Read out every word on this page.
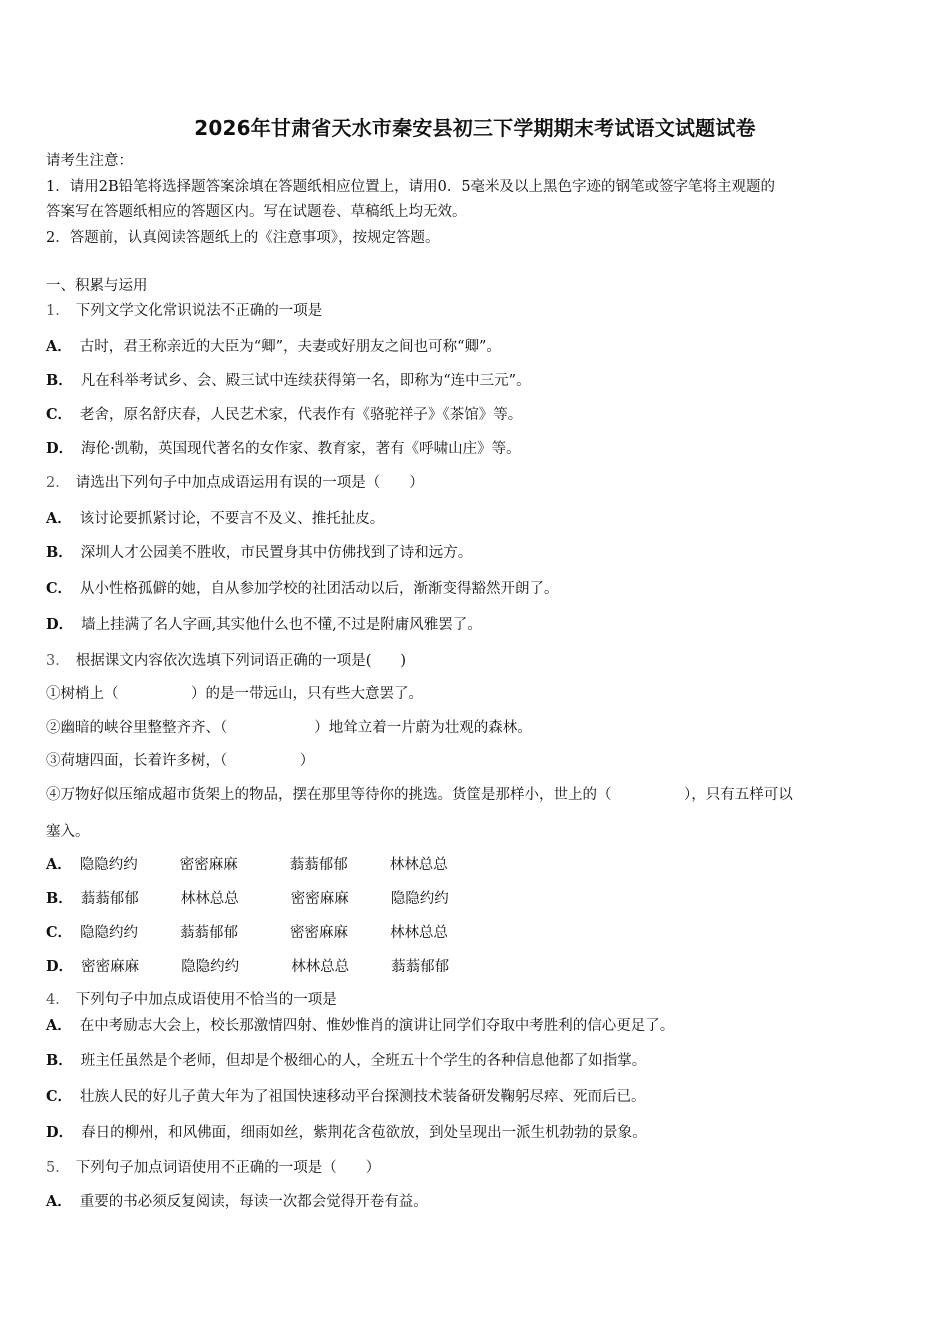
2026年甘肃省天水市秦安县初三下学期期末考试语文试题试卷
请考生注意：
1．请用2B铅笔将选择题答案涂填在答题纸相应位置上，请用0．5毫米及以上黑色字迹的钢笔或签字笔将主观题的
答案写在答题纸相应的答题区内。写在试题卷、草稿纸上均无效。
2．答题前，认真阅读答题纸上的《注意事项》，按规定答题。
一、积累与运用
1． 下列文学文化常识说法不正确的一项是
A． 古时，君王称亲近的大臣为“卿”，夫妻或好朋友之间也可称“卿”。
B． 凡在科举考试乡、会、殿三试中连续获得第一名，即称为“连中三元”。
C． 老舍，原名舒庆春，人民艺术家，代表作有《骆驼祥子》《茶馆》等。
D． 海伦·凯勒，英国现代著名的女作家、教育家，著有《呼啸山庄》等。
2． 请选出下列句子中加点成语运用有误的一项是（　　）
A． 该讨论要抓紧讨论，不要言不及义、推托扯皮。
B． 深圳人才公园美不胜收，市民置身其中仿佛找到了诗和远方。
C． 从小性格孤僻的她，自从参加学校的社团活动以后，渐渐变得豁然开朗了。
D． 墙上挂满了名人字画,其实他什么也不懂,不过是附庸风雅罢了。
3． 根据课文内容依次选填下列词语正确的一项是(　　)
①树梢上（　　　　　）的是一带远山，只有些大意罢了。
②幽暗的峡谷里整整齐齐、（　　　　　　）地耸立着一片蔚为壮观的森林。
③荷塘四面，长着许多树，（　　　　　）
④万物好似压缩成超市货架上的物品，摆在那里等待你的挑选。货筐是那样小，世上的（　　　　　），只有五样可以
塞入。
A． 隐隐约约	密密麻麻	蓊蓊郁郁	林林总总
B． 蓊蓊郁郁	林林总总	密密麻麻	隐隐约约
C． 隐隐约约	蓊蓊郁郁	密密麻麻	林林总总
D． 密密麻麻	隐隐约约	林林总总	蓊蓊郁郁
4． 下列句子中加点成语使用不恰当的一项是
A． 在中考励志大会上，校长那激情四射、惟妙惟肖的演讲让同学们夺取中考胜利的信心更足了。
B． 班主任虽然是个老师，但却是个极细心的人，全班五十个学生的各种信息他都了如指掌。
C． 壮族人民的好儿子黄大年为了祖国快速移动平台探测技术装备研发鞠躬尽瘁、死而后已。
D． 春日的柳州，和风佛面，细雨如丝，紫荆花含苞欲放，到处呈现出一派生机勃勃的景象。
5． 下列句子加点词语使用不正确的一项是（　　）
A． 重要的书必须反复阅读，每读一次都会觉得开卷有益。
